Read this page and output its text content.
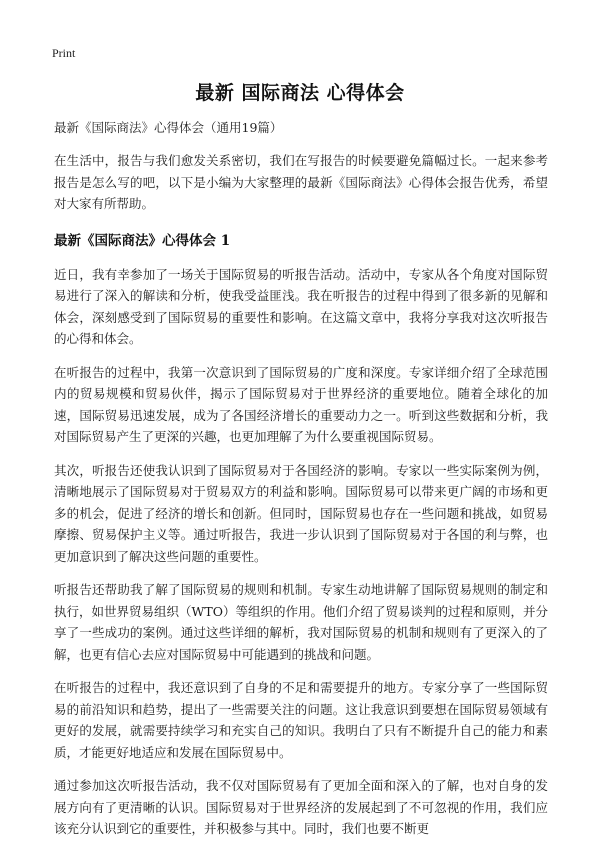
Print
最新 国际商法 心得体会
最新《国际商法》心得体会（通用19篇）

在生活中，报告与我们愈发关系密切，我们在写报告的时候要避免篇幅过长。一起来参考报告是怎么写的吧，以下是小编为大家整理的最新《国际商法》心得体会报告优秀，希望对大家有所帮助。

最新《国际商法》心得体会 1

近日，我有幸参加了一场关于国际贸易的听报告活动。活动中，专家从各个角度对国际贸易进行了深入的解读和分析，使我受益匪浅。我在听报告的过程中得到了很多新的见解和体会，深刻感受到了国际贸易的重要性和影响。在这篇文章中，我将分享我对这次听报告的心得和体会。

在听报告的过程中，我第一次意识到了国际贸易的广度和深度。专家详细介绍了全球范围内的贸易规模和贸易伙伴，揭示了国际贸易对于世界经济的重要地位。随着全球化的加速，国际贸易迅速发展，成为了各国经济增长的重要动力之一。听到这些数据和分析，我对国际贸易产生了更深的兴趣，也更加理解了为什么要重视国际贸易。

其次，听报告还使我认识到了国际贸易对于各国经济的影响。专家以一些实际案例为例，清晰地展示了国际贸易对于贸易双方的利益和影响。国际贸易可以带来更广阔的市场和更多的机会，促进了经济的增长和创新。但同时，国际贸易也存在一些问题和挑战，如贸易摩擦、贸易保护主义等。通过听报告，我进一步认识到了国际贸易对于各国的利与弊，也更加意识到了解决这些问题的重要性。

听报告还帮助我了解了国际贸易的规则和机制。专家生动地讲解了国际贸易规则的制定和执行，如世界贸易组织（WTO）等组织的作用。他们介绍了贸易谈判的过程和原则，并分享了一些成功的案例。通过这些详细的解析，我对国际贸易的机制和规则有了更深入的了解，也更有信心去应对国际贸易中可能遇到的挑战和问题。

在听报告的过程中，我还意识到了自身的不足和需要提升的地方。专家分享了一些国际贸易的前沿知识和趋势，提出了一些需要关注的问题。这让我意识到要想在国际贸易领域有更好的发展，就需要持续学习和充实自己的知识。我明白了只有不断提升自己的能力和素质，才能更好地适应和发展在国际贸易中。

通过参加这次听报告活动，我不仅对国际贸易有了更加全面和深入的了解，也对自身的发展方向有了更清晰的认识。国际贸易对于世界经济的发展起到了不可忽视的作用，我们应该充分认识到它的重要性，并积极参与其中。同时，我们也要不断更
